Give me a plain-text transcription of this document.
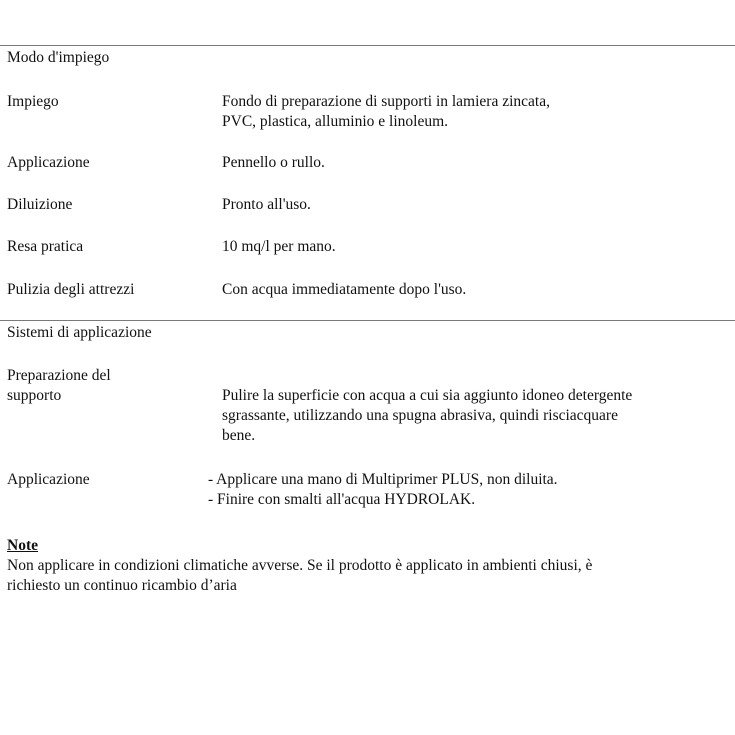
Modo d'impiego
Impiego	Fondo di preparazione di supporti in lamiera zincata,
PVC, plastica, alluminio e linoleum.
Applicazione	Pennello o rullo.
Diluizione	Pronto all'uso.
Resa pratica	10 mq/l per mano.
Pulizia degli attrezzi	Con acqua immediatamente dopo l'uso.
Sistemi di applicazione
Preparazione del
supporto	Pulire la superficie con acqua a cui sia aggiunto idoneo detergente
sgrassante, utilizzando una spugna abrasiva, quindi risciacquare
bene.
Applicazione	- Applicare una mano di Multiprimer PLUS, non diluita.
- Finire con smalti all'acqua HYDROLAK.
Note
Non applicare in condizioni climatiche avverse. Se il prodotto è applicato in ambienti chiusi, è
richiesto un continuo ricambio d’aria
